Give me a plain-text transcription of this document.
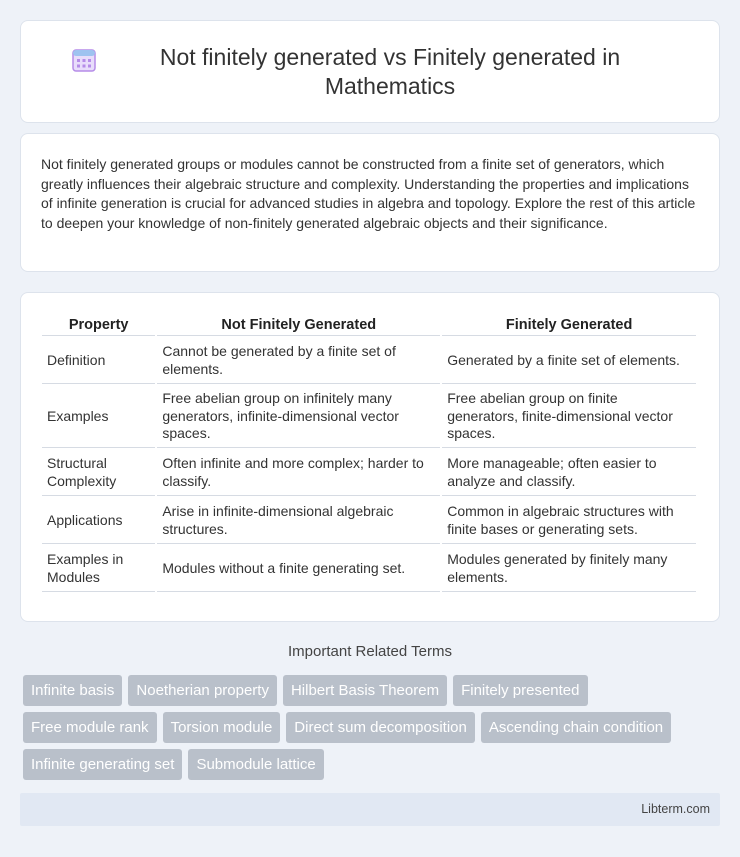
Not finitely generated vs Finitely generated in Mathematics

Not finitely generated groups or modules cannot be constructed from a finite set of generators, which greatly influences their algebraic structure and complexity. Understanding the properties and implications of infinite generation is crucial for advanced studies in algebra and topology. Explore the rest of this article to deepen your knowledge of non-finitely generated algebraic objects and their significance.

Property	Not Finitely Generated	Finitely Generated
Definition	Cannot be generated by a finite set of elements.	Generated by a finite set of elements.
Examples	Free abelian group on infinitely many generators, infinite-dimensional vector spaces.	Free abelian group on finite generators, finite-dimensional vector spaces.
Structural Complexity	Often infinite and more complex; harder to classify.	More manageable; often easier to analyze and classify.
Applications	Arise in infinite-dimensional algebraic structures.	Common in algebraic structures with finite bases or generating sets.
Examples in Modules	Modules without a finite generating set.	Modules generated by finitely many elements.
Important Related Terms
Infinite basis	Noetherian property	Hilbert Basis Theorem	Finitely presented
Free module rank	Torsion module	Direct sum decomposition	Ascending chain condition
Infinite generating set	Submodule lattice
Libterm.com
